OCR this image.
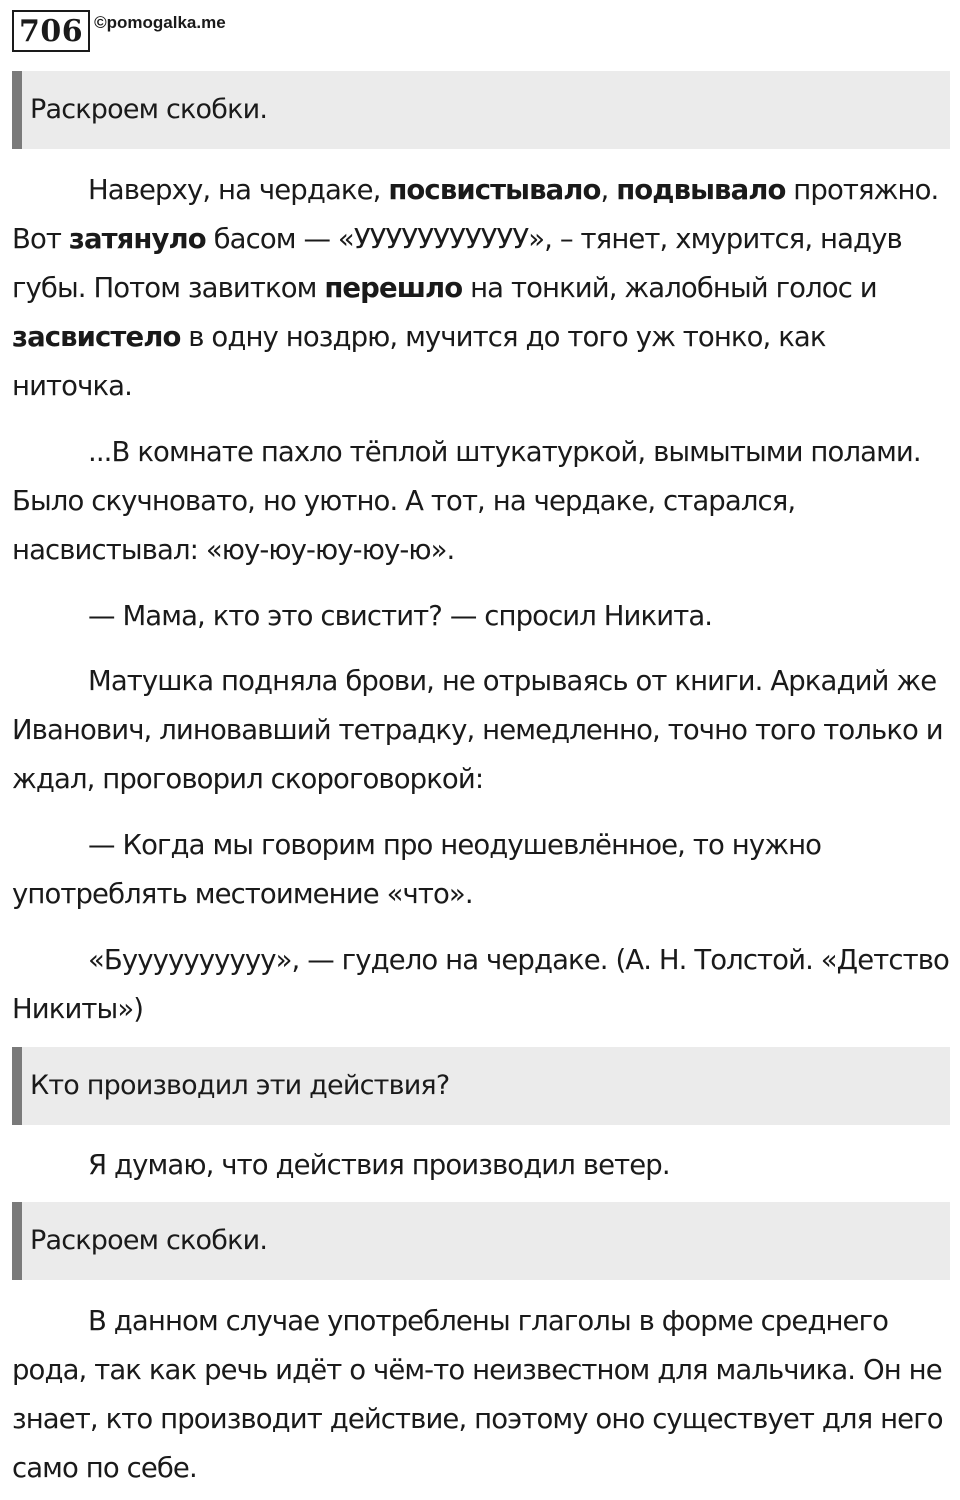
706 ©pomogalka.me
Раскроем скобки.

Наверху, на чердаке, посвистывало, подвывало протяжно. Вот затянуло басом — «УУУУУУУУУУУ», – тянет, хмурится, надув губы. Потом завитком перешло на тонкий, жалобный голос и засвистело в одну ноздрю, мучится до того уж тонко, как ниточка.

...В комнате пахло тёплой штукатуркой, вымытыми полами. Было скучновато, но уютно. А тот, на чердаке, старался, насвистывал: «юу-юу-юу-юу-ю».

— Мама, кто это свистит? — спросил Никита.

Матушка подняла брови, не отрываясь от книги. Аркадий же Иванович, линовавший тетрадку, немедленно, точно того только и ждал, проговорил скороговоркой:

— Когда мы говорим про неодушевлённое, то нужно употреблять местоимение «что».

«Буууууууууу», — гудело на чердаке. (А. Н. Толстой. «Детство Никиты»)

Кто производил эти действия?

Я думаю, что действия производил ветер.

Раскроем скобки.

В данном случае употреблены глаголы в форме среднего рода, так как речь идёт о чём-то неизвестном для мальчика. Он не знает, кто производит действие, поэтому оно существует для него само по себе.
